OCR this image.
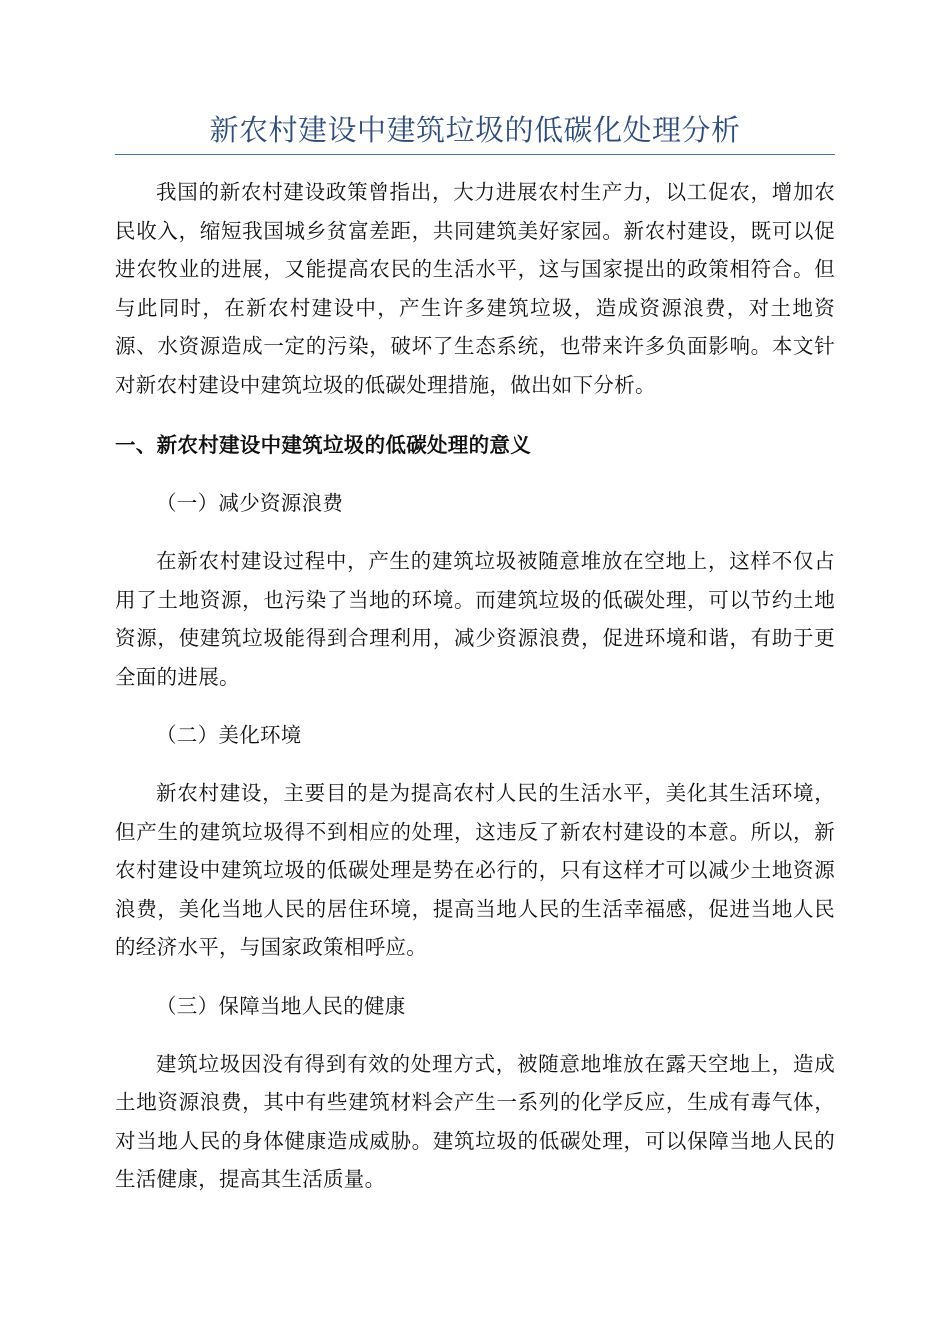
新农村建设中建筑垃圾的低碳化处理分析

我国的新农村建设政策曾指出，大力进展农村生产力，以工促农，增加农民收入，缩短我国城乡贫富差距，共同建筑美好家园。新农村建设，既可以促进农牧业的进展，又能提高农民的生活水平，这与国家提出的政策相符合。但与此同时，在新农村建设中，产生许多建筑垃圾，造成资源浪费，对土地资源、水资源造成一定的污染，破坏了生态系统，也带来许多负面影响。本文针对新农村建设中建筑垃圾的低碳处理措施，做出如下分析。

一、新农村建设中建筑垃圾的低碳处理的意义

（一）减少资源浪费

在新农村建设过程中，产生的建筑垃圾被随意堆放在空地上，这样不仅占用了土地资源，也污染了当地的环境。而建筑垃圾的低碳处理，可以节约土地资源，使建筑垃圾能得到合理利用，减少资源浪费，促进环境和谐，有助于更全面的进展。

（二）美化环境

新农村建设，主要目的是为提高农村人民的生活水平，美化其生活环境，但产生的建筑垃圾得不到相应的处理，这违反了新农村建设的本意。所以，新农村建设中建筑垃圾的低碳处理是势在必行的，只有这样才可以减少土地资源浪费，美化当地人民的居住环境，提高当地人民的生活幸福感，促进当地人民的经济水平，与国家政策相呼应。

（三）保障当地人民的健康

建筑垃圾因没有得到有效的处理方式，被随意地堆放在露天空地上，造成土地资源浪费，其中有些建筑材料会产生一系列的化学反应，生成有毒气体，对当地人民的身体健康造成威胁。建筑垃圾的低碳处理，可以保障当地人民的生活健康，提高其生活质量。
